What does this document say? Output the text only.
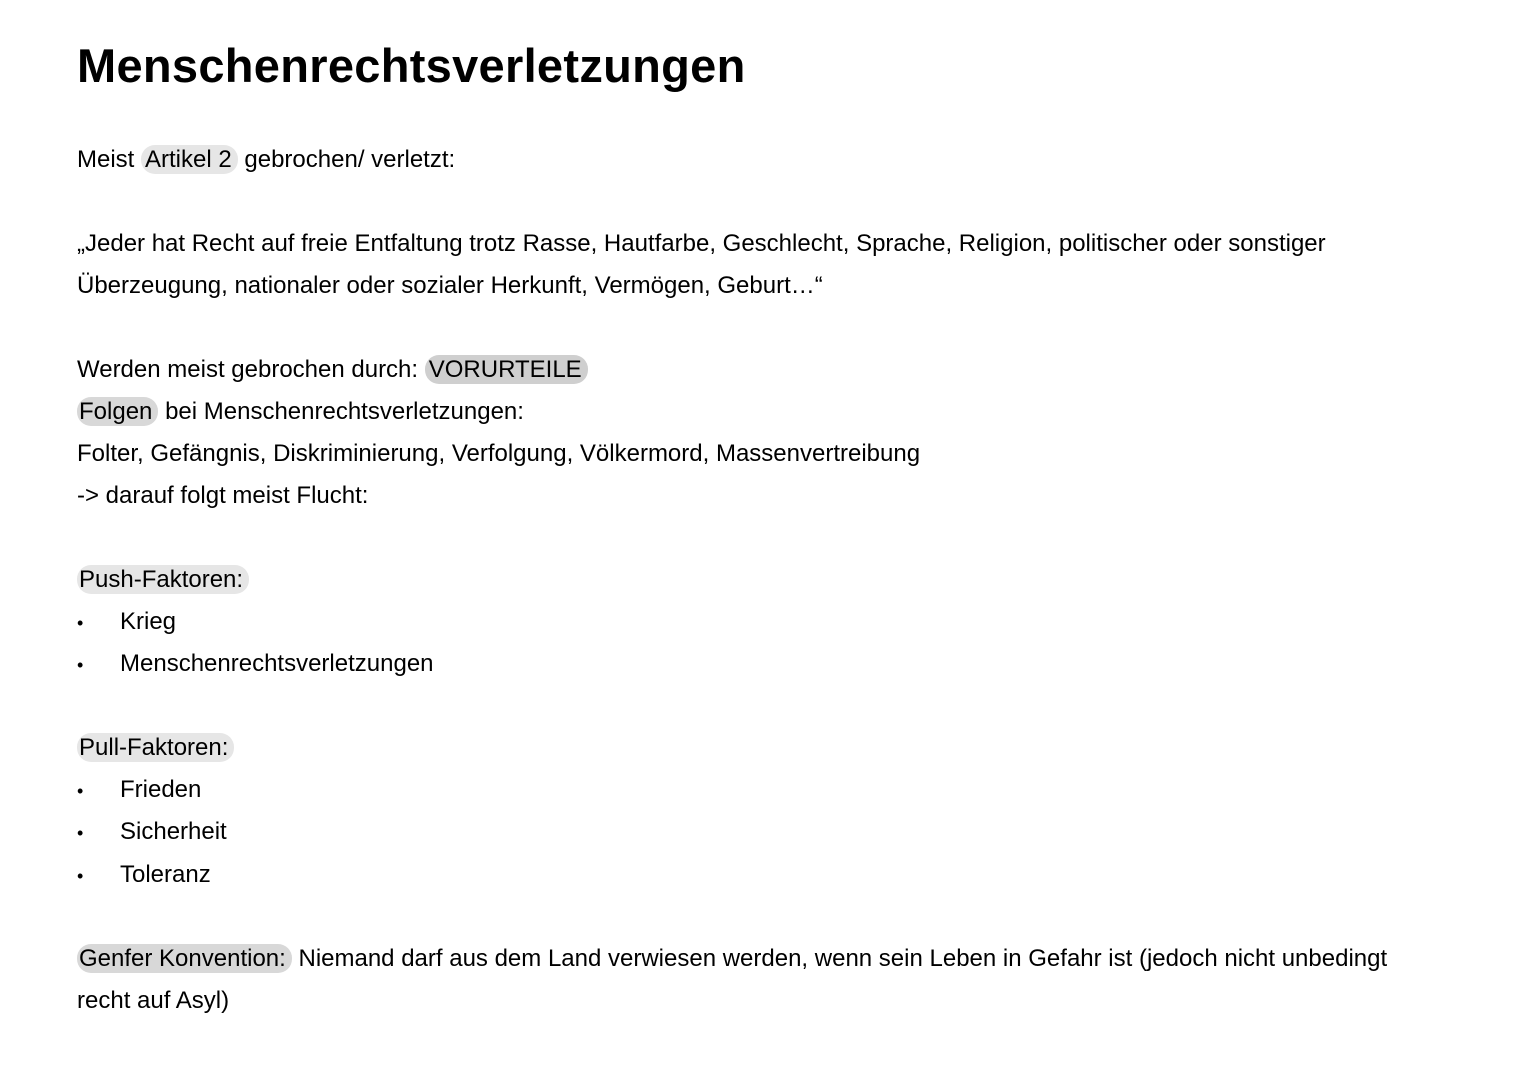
Menschenrechtsverletzungen
Meist Artikel 2 gebrochen/ verletzt:
„Jeder hat Recht auf freie Entfaltung trotz Rasse, Hautfarbe, Geschlecht, Sprache, Religion, politischer oder sonstiger
Überzeugung, nationaler oder sozialer Herkunft, Vermögen, Geburt…“
Werden meist gebrochen durch: VORURTEILE
Folgen bei Menschenrechtsverletzungen:
Folter, Gefängnis, Diskriminierung, Verfolgung, Völkermord, Massenvertreibung
-> darauf folgt meist Flucht:
Push-Faktoren:
• Krieg
• Menschenrechtsverletzungen
Pull-Faktoren:
• Frieden
• Sicherheit
• Toleranz
Genfer Konvention: Niemand darf aus dem Land verwiesen werden, wenn sein Leben in Gefahr ist (jedoch nicht unbedingt
recht auf Asyl)
